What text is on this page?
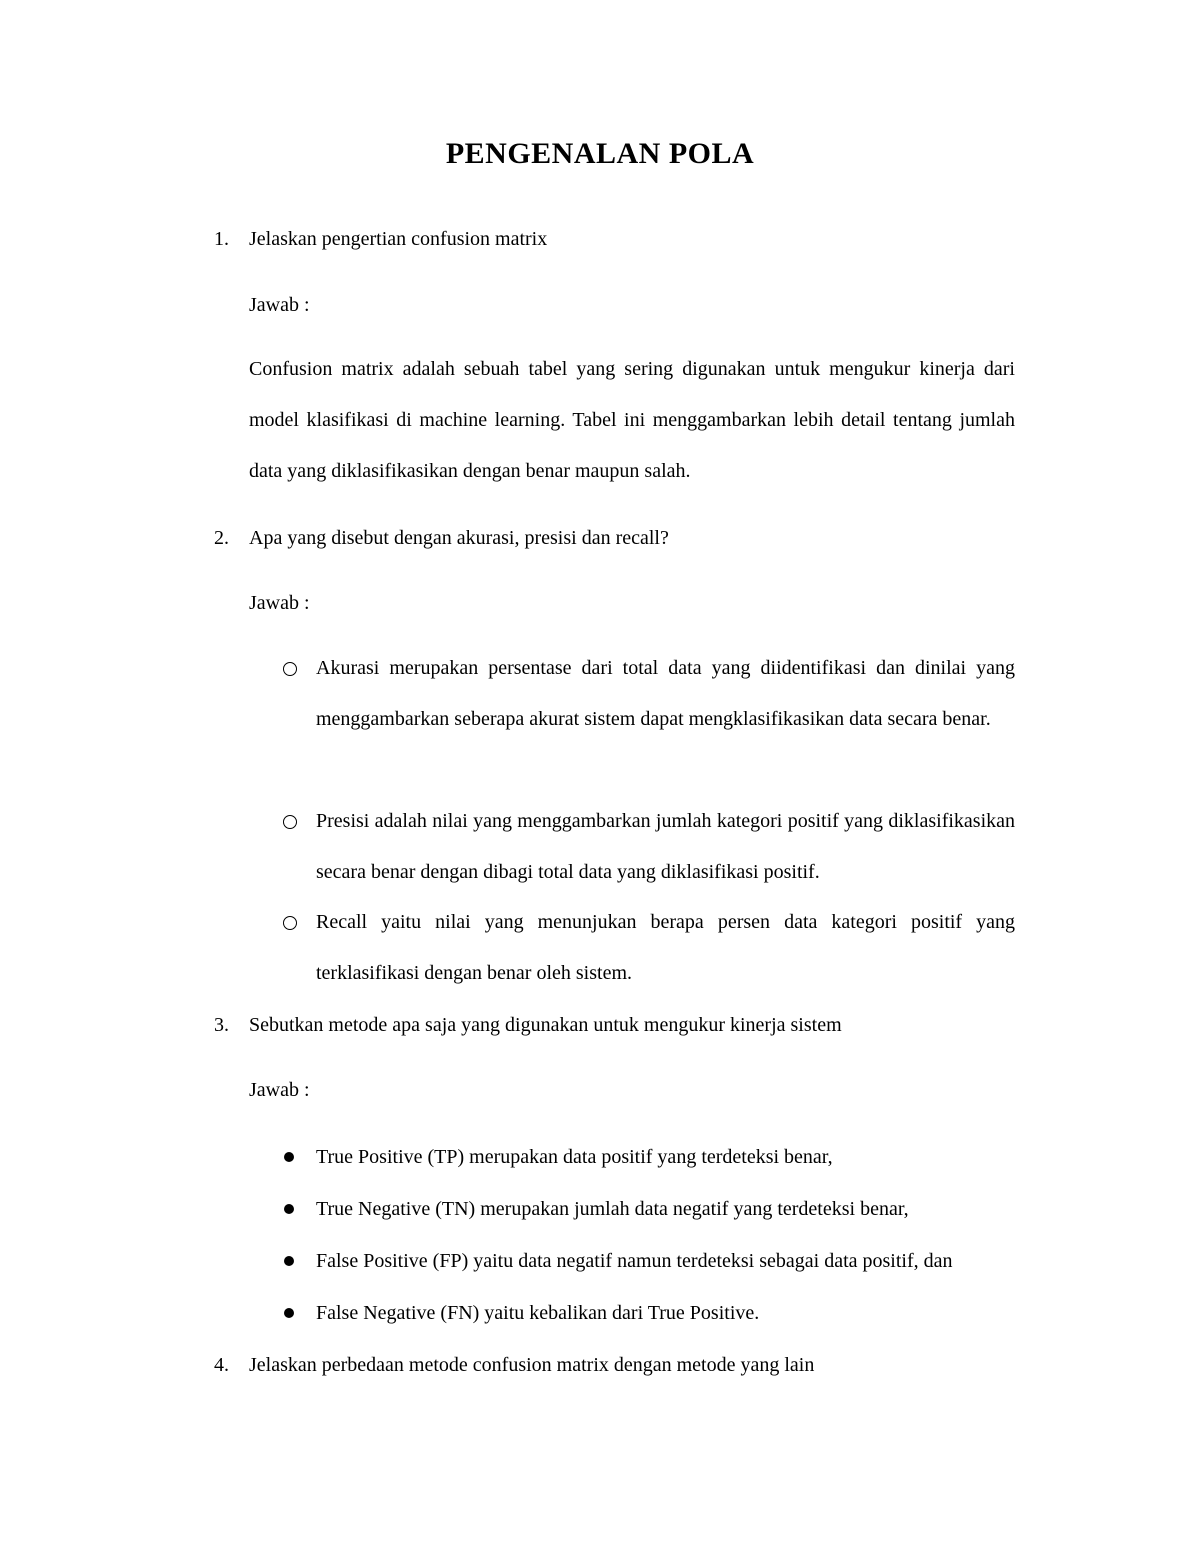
PENGENALAN POLA
1. Jelaskan pengertian confusion matrix
Jawab :
Confusion matrix adalah sebuah tabel yang sering digunakan untuk mengukur kinerja dari model klasifikasi di machine learning. Tabel ini menggambarkan lebih detail tentang jumlah data yang diklasifikasikan dengan benar maupun salah.
2. Apa yang disebut dengan akurasi, presisi dan recall?
Jawab :
Akurasi merupakan persentase dari total data yang diidentifikasi dan dinilai yang menggambarkan seberapa akurat sistem dapat mengklasifikasikan data secara benar.
Presisi adalah nilai yang menggambarkan jumlah kategori positif yang diklasifikasikan secara benar dengan dibagi total data yang diklasifikasi positif.
Recall yaitu nilai yang menunjukan berapa persen data kategori positif yang terklasifikasi dengan benar oleh sistem.
3. Sebutkan metode apa saja yang digunakan untuk mengukur kinerja sistem
Jawab :
True Positive (TP) merupakan data positif yang terdeteksi benar,
True Negative (TN) merupakan jumlah data negatif yang terdeteksi benar,
False Positive (FP) yaitu data negatif namun terdeteksi sebagai data positif, dan
False Negative (FN) yaitu kebalikan dari True Positive.
4. Jelaskan perbedaan metode confusion matrix dengan metode yang lain
